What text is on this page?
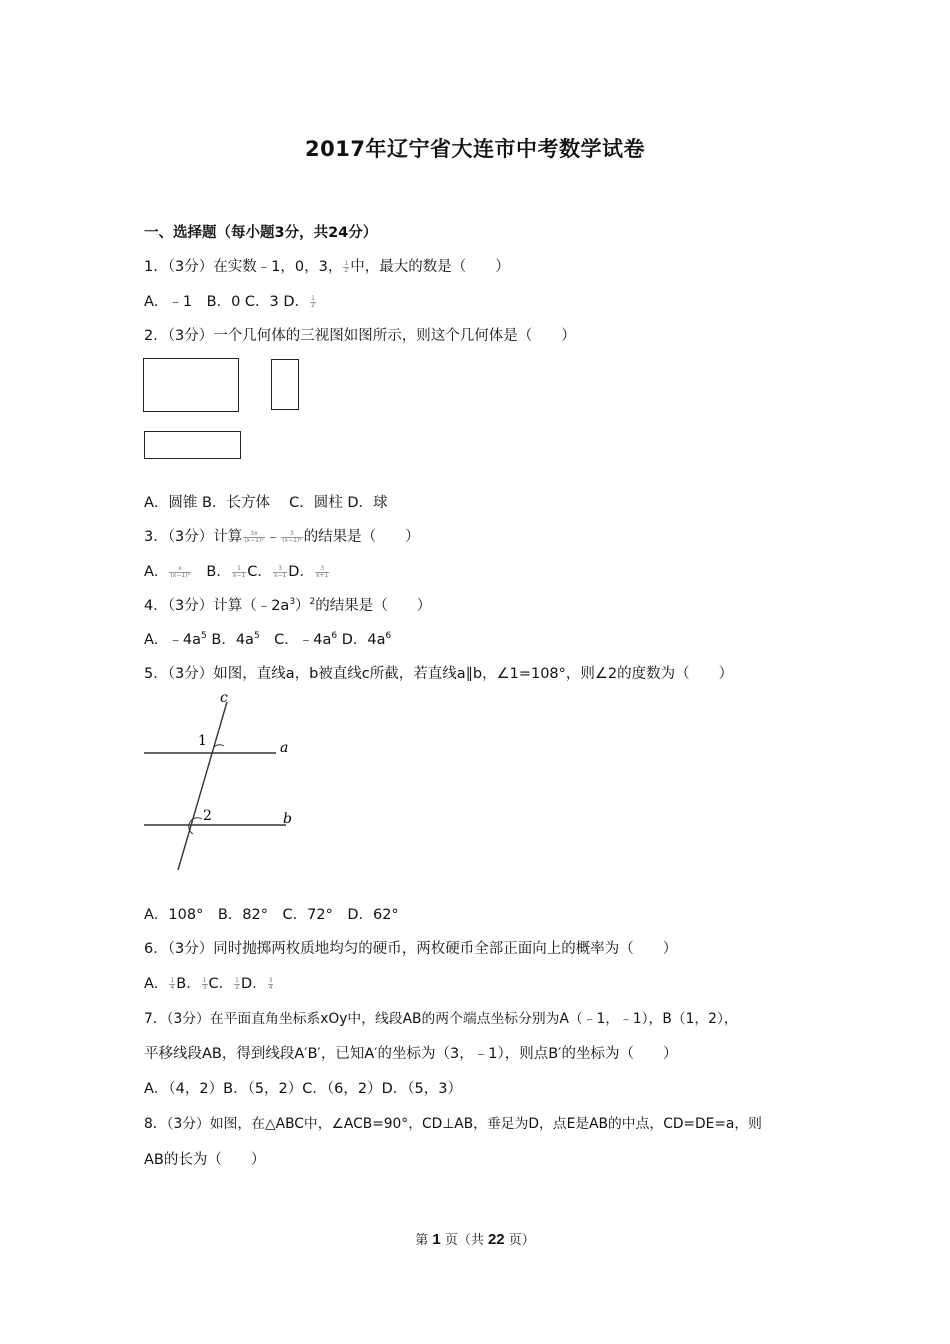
2017年辽宁省大连市中考数学试卷
一、选择题（每小题3分，共24分）
1．（3分）在实数﹣1，0，3， $\frac{1}{2}$ 中，最大的数是（　　）
A．﹣1　B．0 C．3 D． $\frac{1}{2}$
2．（3分）一个几何体的三视图如图所示，则这个几何体是（　　）
A．圆锥 B．长方体　 C．圆柱 D．球
3．（3分）计算 $\frac{3x}{\text{(x−1)²}}$ ﹣ $\frac{3}{\text{(x−1)²}}$ 的结果是（　　）
A． $\frac{x}{\text{(x−1)²}}$ 　B． $\frac{1}{x-1}$ C． $\frac{3}{x-1}$ D． $\frac{3}{x+1}$
4．（3分）计算$(﹣2a^3)^2$的结果是（　　）
A．$﹣4a^5$ B．$4a^5$　C．$﹣4a^6$ D．$4a^6$
5．（3分）如图，直线a，b被直线c所截，若直线a∥b，∠1=108°，则∠2的度数为（　　）
c
a
b
1
2
A．108°　B．82°　C．72°　D．62°
6．（3分）同时抛掷两枚质地均匀的硬币，两枚硬币全部正面向上的概率为（　　）
A． $\frac{1}{4}$ B． $\frac{1}{3}$ C． $\frac{1}{2}$ D． $\frac{3}{4}$
7．（3分）在平面直角坐标系xOy中，线段AB的两个端点坐标分别为A（﹣1，﹣1），B（1，2），
平移线段AB，得到线段A′B′，已知A′的坐标为（3，﹣1），则点B′的坐标为（　　）
A．（4，2）B．（5，2）C．（6，2）D．（5，3）
8．（3分）如图，在△ABC中，∠ACB=90°，CD⊥AB，垂足为D，点E是AB的中点，CD=DE=a，则
AB的长为（　　）
第 1 页（共 22 页）
